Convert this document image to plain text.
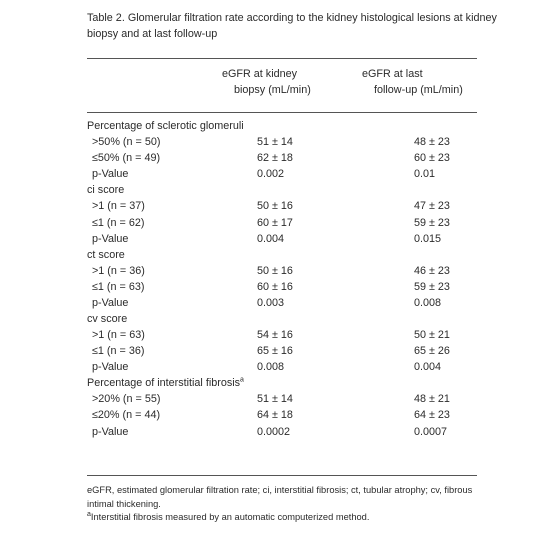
Table 2. Glomerular filtration rate according to the kidney histological lesions at kidney biopsy and at last follow-up
eGFR at kidney
biopsy (mL/min)
eGFR at last
follow-up (mL/min)
Percentage of sclerotic glomeruli		
>50% (n = 50)	51 ± 14	48 ± 23
≤50% (n = 49)	62 ± 18	60 ± 23
p-Value	0.002	0.01
ci score		
>1 (n = 37)	50 ± 16	47 ± 23
≤1 (n = 62)	60 ± 17	59 ± 23
p-Value	0.004	0.015
ct score		
>1 (n = 36)	50 ± 16	46 ± 23
≤1 (n = 63)	60 ± 16	59 ± 23
p-Value	0.003	0.008
cv score		
>1 (n = 63)	54 ± 16	50 ± 21
≤1 (n = 36)	65 ± 16	65 ± 26
p-Value	0.008	0.004
Percentage of interstitial fibrosis$^a$		
>20% (n = 55)	51 ± 14	48 ± 21
≤20% (n = 44)	64 ± 18	64 ± 23
p-Value	0.0002	0.0007

eGFR, estimated glomerular filtration rate; ci, interstitial fibrosis; ct, tubular atrophy; cv, fibrous intimal thickening.

$^a$Interstitial fibrosis measured by an automatic computerized method.
